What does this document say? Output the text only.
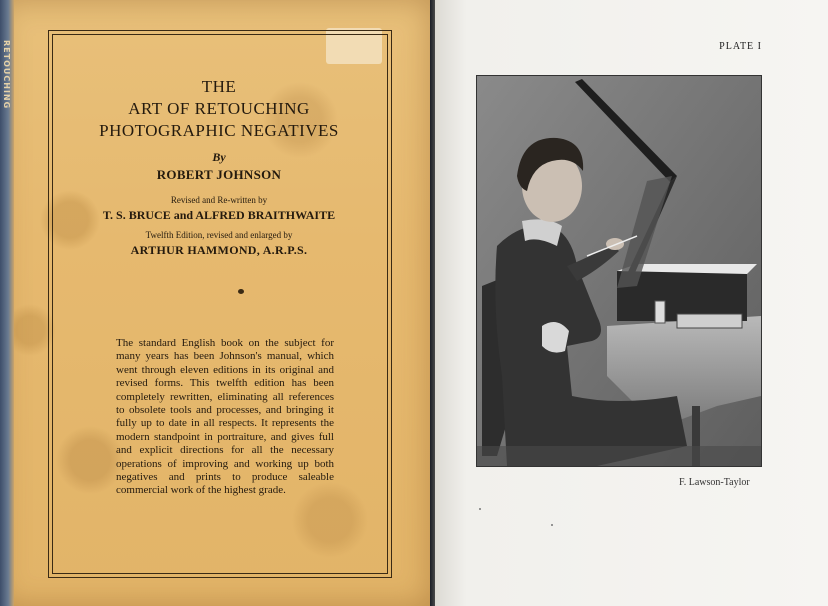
RETOUCHING	THE
ART OF RETOUCHING
PHOTOGRAPHIC NEGATIVES
By
ROBERT JOHNSON
Revised and Re-written by
T. S. BRUCE and ALFRED BRAITHWAITE
Twelfth Edition, revised and enlarged by
ARTHUR HAMMOND, A.R.P.S.

The standard English book on the subject for many years has been Johnson's manual, which went through eleven editions in its original and revised forms. This twelfth edition has been completely rewritten, eliminating all references to obsolete tools and processes, and bringing it fully up to date in all respects. It represents the modern standpoint in portraiture, and gives full and explicit directions for all the necessary operations of improving and working up both negatives and prints to produce saleable commercial work of the highest grade.

PLATE I
F. Lawson-Taylor
